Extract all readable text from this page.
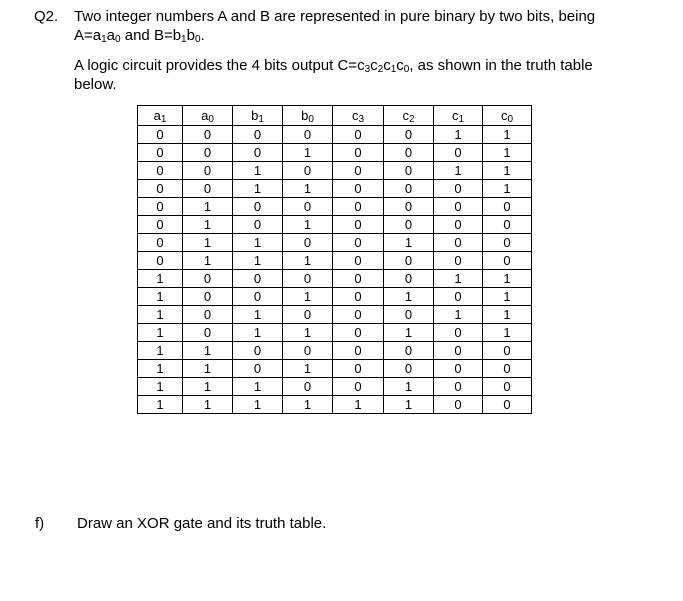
Q2. Two integer numbers A and B are represented in pure binary by two bits, being
$A=a_1a_0$ and $B=b_1b_0$.
A logic circuit provides the 4 bits output $C=c_3c_2c_1c_0$, as shown in the truth table
below.
$a_1$	$a_0$	$b_1$	$b_0$	$c_3$	$c_2$	$c_1$	$c_0$
0	0	0	0	0	0	1	1
0	0	0	1	0	0	0	1
0	0	1	0	0	0	1	1
0	0	1	1	0	0	0	1
0	1	0	0	0	0	0	0
0	1	0	1	0	0	0	0
0	1	1	0	0	1	0	0
0	1	1	1	0	0	0	0
1	0	0	0	0	0	1	1
1	0	0	1	0	1	0	1
1	0	1	0	0	0	1	1
1	0	1	1	0	1	0	1
1	1	0	0	0	0	0	0
1	1	0	1	0	0	0	0
1	1	1	0	0	1	0	0
1	1	1	1	1	1	0	0
f) Draw an XOR gate and its truth table.
